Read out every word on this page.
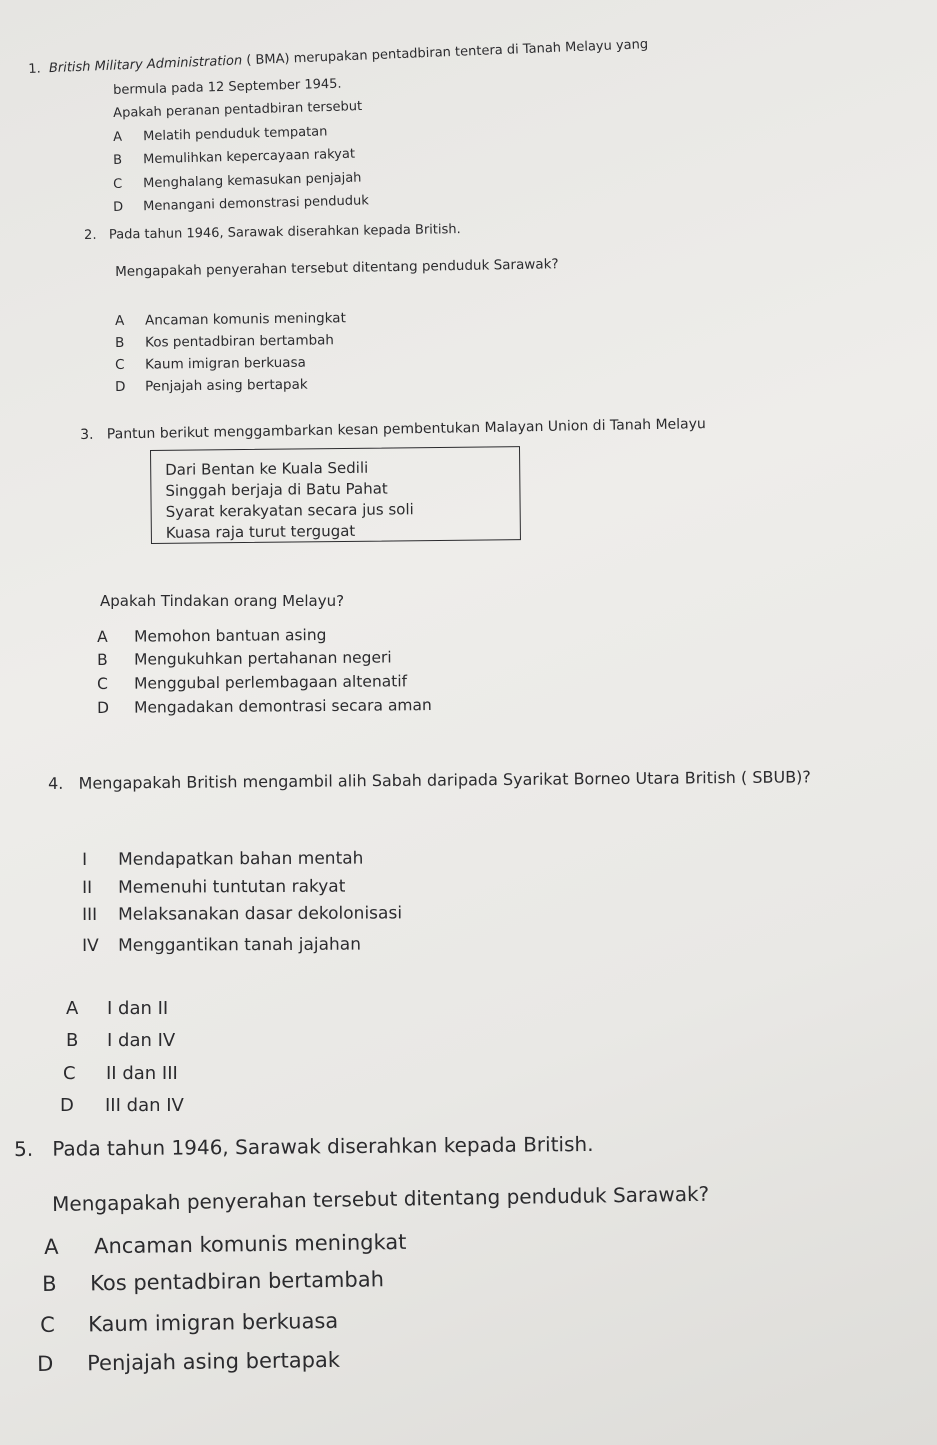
1. British Military Administration ( BMA) merupakan pentadbiran tentera di Tanah Melayu yang
bermula pada 12 September 1945.
Apakah peranan pentadbiran tersebut
A Melatih penduduk tempatan
B Memulihkan kepercayaan rakyat
C Menghalang kemasukan penjajah
D Menangani demonstrasi penduduk
2. Pada tahun 1946, Sarawak diserahkan kepada British.
Mengapakah penyerahan tersebut ditentang penduduk Sarawak?
A Ancaman komunis meningkat
B Kos pentadbiran bertambah
C Kaum imigran berkuasa
D Penjajah asing bertapak
3. Pantun berikut menggambarkan kesan pembentukan Malayan Union di Tanah Melayu
Dari Bentan ke Kuala Sedili
Singgah berjaja di Batu Pahat
Syarat kerakyatan secara jus soli
Kuasa raja turut tergugat
Apakah Tindakan orang Melayu?
A Memohon bantuan asing
B Mengukuhkan pertahanan negeri
C Menggubal perlembagaan altenatif
D Mengadakan demontrasi secara aman
4. Mengapakah British mengambil alih Sabah daripada Syarikat Borneo Utara British ( SBUB)?
I Mendapatkan bahan mentah
II Memenuhi tuntutan rakyat
III Melaksanakan dasar dekolonisasi
IV Menggantikan tanah jajahan
A I dan II
B I dan IV
C II dan III
D III dan IV
5. Pada tahun 1946, Sarawak diserahkan kepada British.
Mengapakah penyerahan tersebut ditentang penduduk Sarawak?
A Ancaman komunis meningkat
B Kos pentadbiran bertambah
C Kaum imigran berkuasa
D Penjajah asing bertapak
